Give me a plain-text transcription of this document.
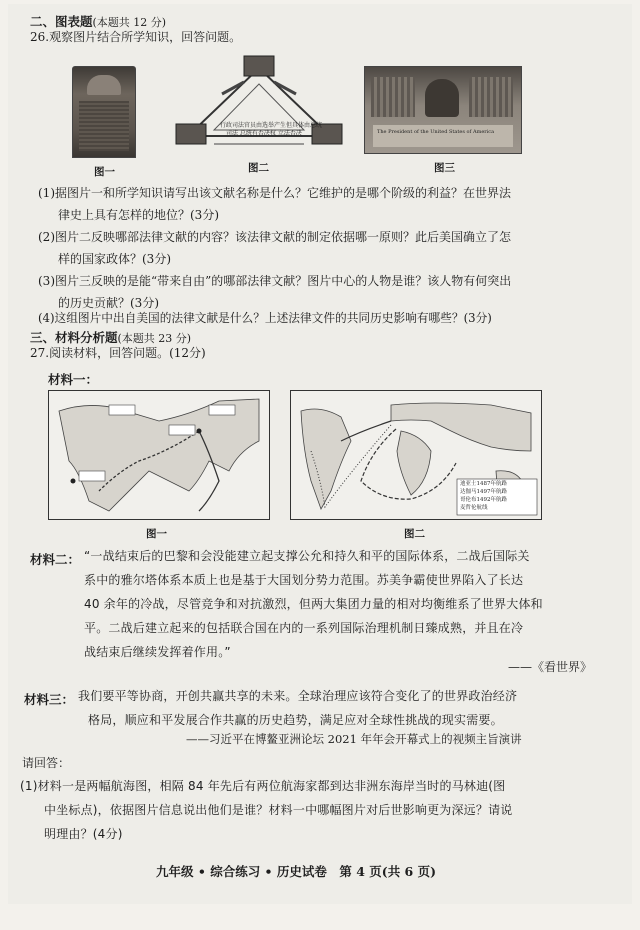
二、图表题(本题共 12 分)
26.观察图片结合所学知识，回答问题。
图一
行政司法官员由选举产生但具体由总统
司法 总统有否决权 立法否决
图二
The President of the United States of America
图三
(1)据图片一和所学知识请写出该文献名称是什么？它维护的是哪个阶级的利益？在世界法
律史上具有怎样的地位？(3分)
(2)图片二反映哪部法律文献的内容？该法律文献的制定依据哪一原则？此后美国确立了怎
样的国家政体？(3分)
(3)图片三反映的是能“带来自由”的哪部法律文献？图片中心的人物是谁？该人物有何突出
的历史贡献？(3分)
(4)这组图片中出自美国的法律文献是什么？上述法律文件的共同历史影响有哪些？(3分)
三、材料分析题(本题共 23 分)
27.阅读材料，回答问题。(12分)
材料一：
图一
迪亚士1487年航路
达伽马1497年航路
哥伦布1492年航路
麦哲伦航线
图二
材料二： “一战结束后的巴黎和会没能建立起支撑公允和持久和平的国际体系，二战后国际关
系中的雅尔塔体系本质上也是基于大国划分势力范围。苏美争霸使世界陷入了长达
40 余年的冷战，尽管竞争和对抗激烈，但两大集团力量的相对均衡维系了世界大体和
平。二战后建立起来的包括联合国在内的一系列国际治理机制日臻成熟，并且在冷
战结束后继续发挥着作用。”
——《看世界》
材料三： 我们要平等协商，开创共赢共享的未来。全球治理应该符合变化了的世界政治经济
格局，顺应和平发展合作共赢的历史趋势，满足应对全球性挑战的现实需要。
——习近平在博鳌亚洲论坛 2021 年年会开幕式上的视频主旨演讲
请回答：
(1)材料一是两幅航海图，相隔 84 年先后有两位航海家都到达非洲东海岸当时的马林迪(图
中坐标点)，依据图片信息说出他们是谁？材料一中哪幅图片对后世影响更为深远？请说
明理由？(4分)
九年级 • 综合练习 • 历史试卷　第 4 页(共 6 页)
